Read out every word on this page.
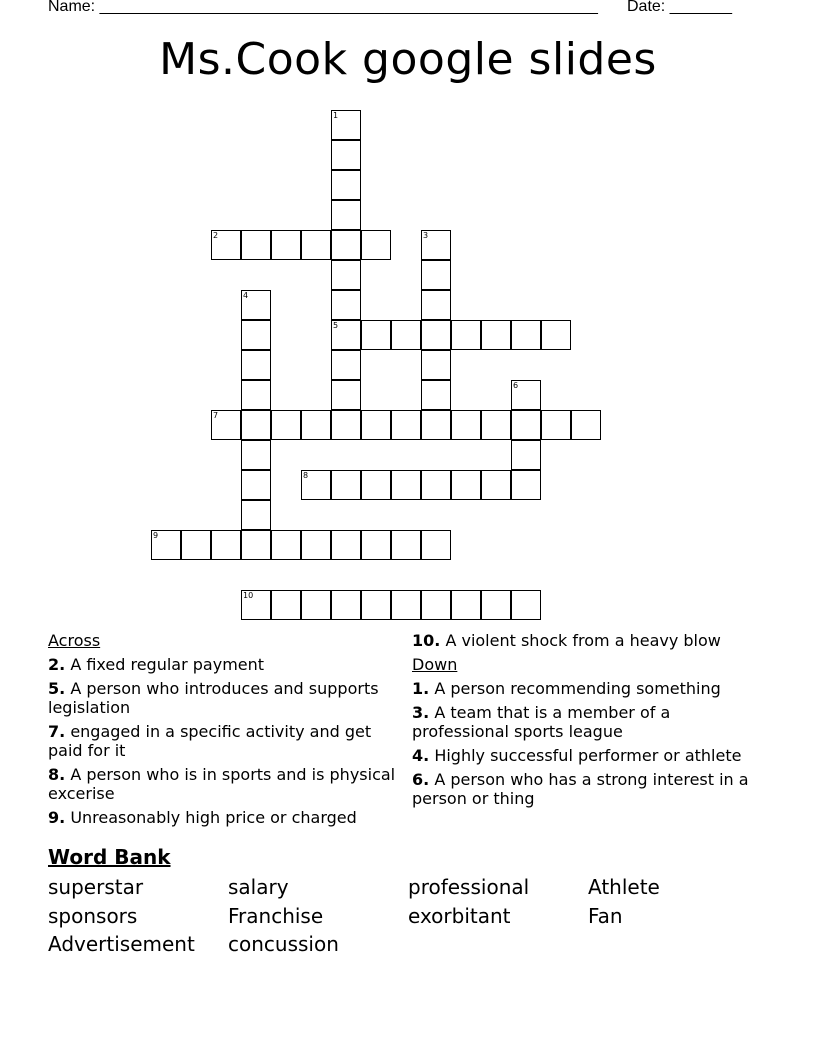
Name: ________________________________________________________ Date: _______
Ms.Cook google slides
1
2	3
4
5
6
7
8
9
10
Across
2. A fixed regular payment
5. A person who introduces and supports legislation
7. engaged in a specific activity and get paid for it
8. A person who is in sports and is physical excerise
9. Unreasonably high price or charged
10. A violent shock from a heavy blow
Down
1. A person recommending something
3. A team that is a member of a professional sports league
4. Highly successful performer or athlete
6. A person who has a strong interest in a person or thing
Word Bank
superstar	salary	professional	Athlete
sponsors	Franchise	exorbitant	Fan
Advertisement concussion
